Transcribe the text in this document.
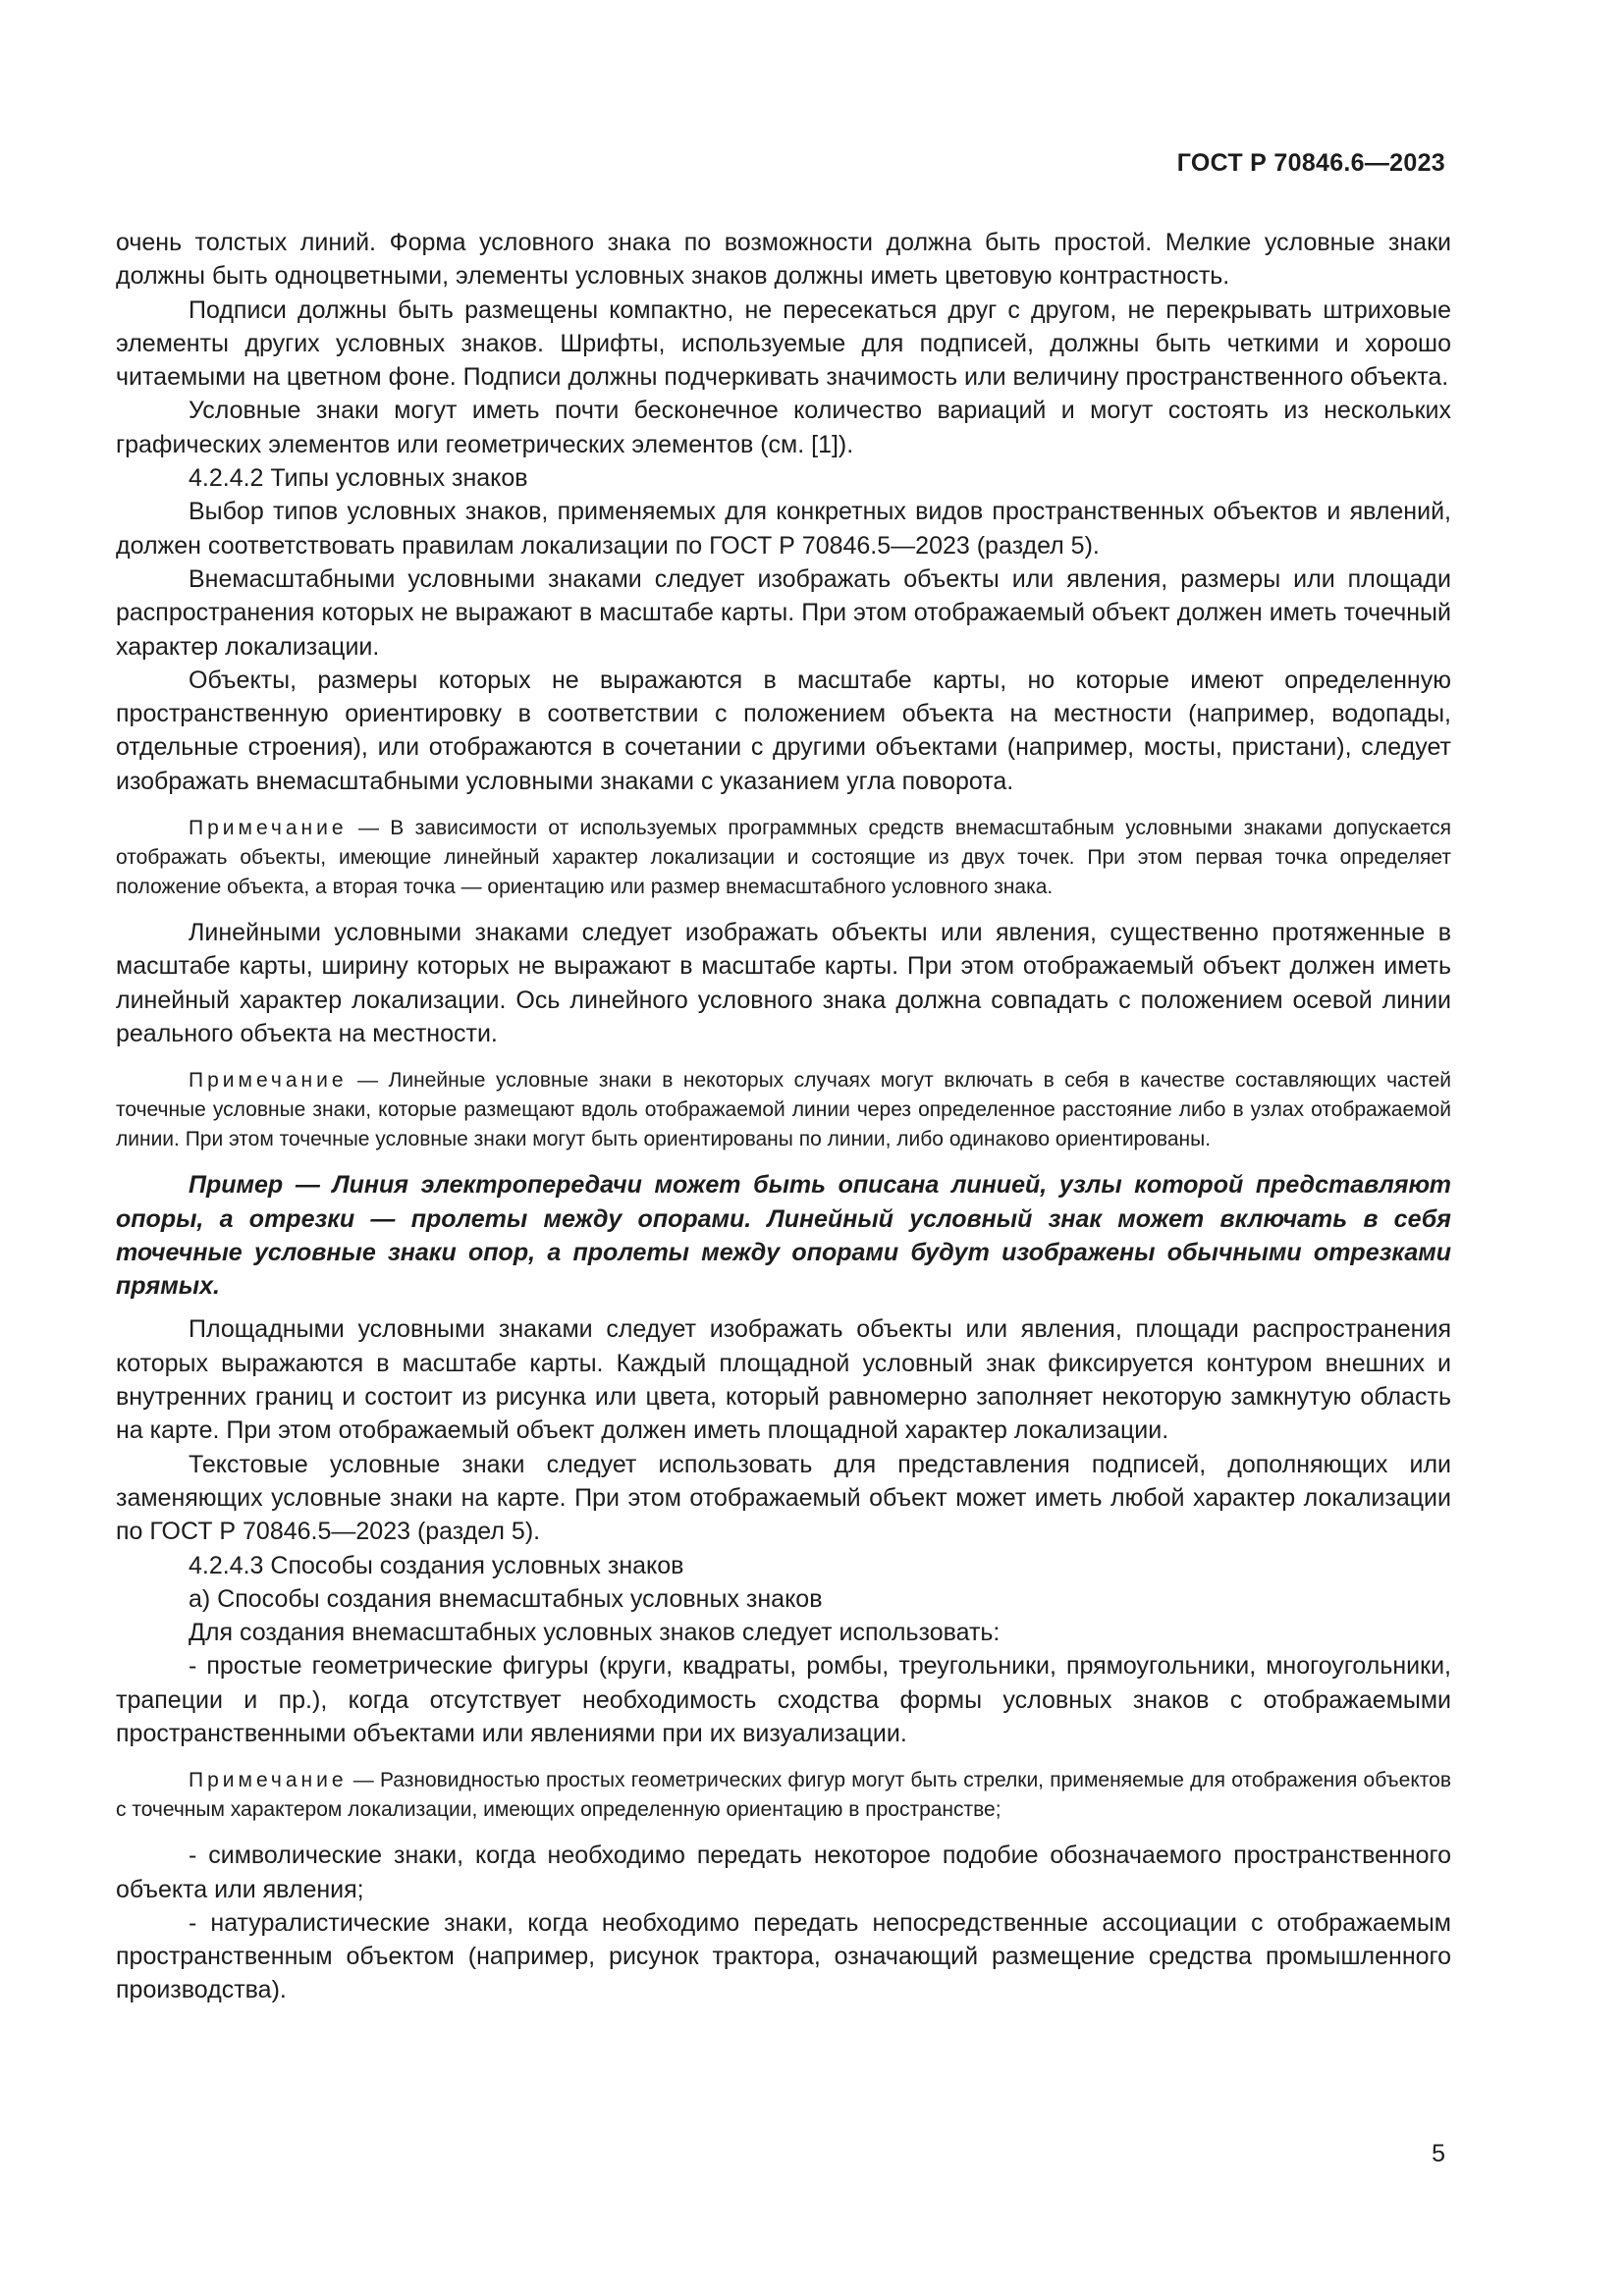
ГОСТ Р 70846.6—2023

очень толстых линий. Форма условного знака по возможности должна быть простой. Мелкие условные знаки должны быть одноцветными, элементы условных знаков должны иметь цветовую контрастность.

Подписи должны быть размещены компактно, не пересекаться друг с другом, не перекрывать штриховые элементы других условных знаков. Шрифты, используемые для подписей, должны быть четкими и хорошо читаемыми на цветном фоне. Подписи должны подчеркивать значимость или величину пространственного объекта.

Условные знаки могут иметь почти бесконечное количество вариаций и могут состоять из нескольких графических элементов или геометрических элементов (см. [1]).

4.2.4.2 Типы условных знаков

Выбор типов условных знаков, применяемых для конкретных видов пространственных объектов и явлений, должен соответствовать правилам локализации по ГОСТ Р 70846.5—2023 (раздел 5).

Внемасштабными условными знаками следует изображать объекты или явления, размеры или площади распространения которых не выражают в масштабе карты. При этом отображаемый объект должен иметь точечный характер локализации.

Объекты, размеры которых не выражаются в масштабе карты, но которые имеют определенную пространственную ориентировку в соответствии с положением объекта на местности (например, водопады, отдельные строения), или отображаются в сочетании с другими объектами (например, мосты, пристани), следует изображать внемасштабными условными знаками с указанием угла поворота.

Примечание — В зависимости от используемых программных средств внемасштабным условными знаками допускается отображать объекты, имеющие линейный характер локализации и состоящие из двух точек. При этом первая точка определяет положение объекта, а вторая точка — ориентацию или размер внемасштабного условного знака.

Линейными условными знаками следует изображать объекты или явления, существенно протяженные в масштабе карты, ширину которых не выражают в масштабе карты. При этом отображаемый объект должен иметь линейный характер локализации. Ось линейного условного знака должна совпадать с положением осевой линии реального объекта на местности.

Примечание — Линейные условные знаки в некоторых случаях могут включать в себя в качестве составляющих частей точечные условные знаки, которые размещают вдоль отображаемой линии через определенное расстояние либо в узлах отображаемой линии. При этом точечные условные знаки могут быть ориентированы по линии, либо одинаково ориентированы.

Пример — Линия электропередачи может быть описана линией, узлы которой представляют опоры, а отрезки — пролеты между опорами. Линейный условный знак может включать в себя точечные условные знаки опор, а пролеты между опорами будут изображены обычными отрезками прямых.

Площадными условными знаками следует изображать объекты или явления, площади распространения которых выражаются в масштабе карты. Каждый площадной условный знак фиксируется контуром внешних и внутренних границ и состоит из рисунка или цвета, который равномерно заполняет некоторую замкнутую область на карте. При этом отображаемый объект должен иметь площадной характер локализации.

Текстовые условные знаки следует использовать для представления подписей, дополняющих или заменяющих условные знаки на карте. При этом отображаемый объект может иметь любой характер локализации по ГОСТ Р 70846.5—2023 (раздел 5).

4.2.4.3 Способы создания условных знаков

а) Способы создания внемасштабных условных знаков

Для создания внемасштабных условных знаков следует использовать:

- простые геометрические фигуры (круги, квадраты, ромбы, треугольники, прямоугольники, многоугольники, трапеции и пр.), когда отсутствует необходимость сходства формы условных знаков с отображаемыми пространственными объектами или явлениями при их визуализации.

Примечание — Разновидностью простых геометрических фигур могут быть стрелки, применяемые для отображения объектов с точечным характером локализации, имеющих определенную ориентацию в пространстве;

- символические знаки, когда необходимо передать некоторое подобие обозначаемого пространственного объекта или явления;

- натуралистические знаки, когда необходимо передать непосредственные ассоциации с отображаемым пространственным объектом (например, рисунок трактора, означающий размещение средства промышленного производства).

5
